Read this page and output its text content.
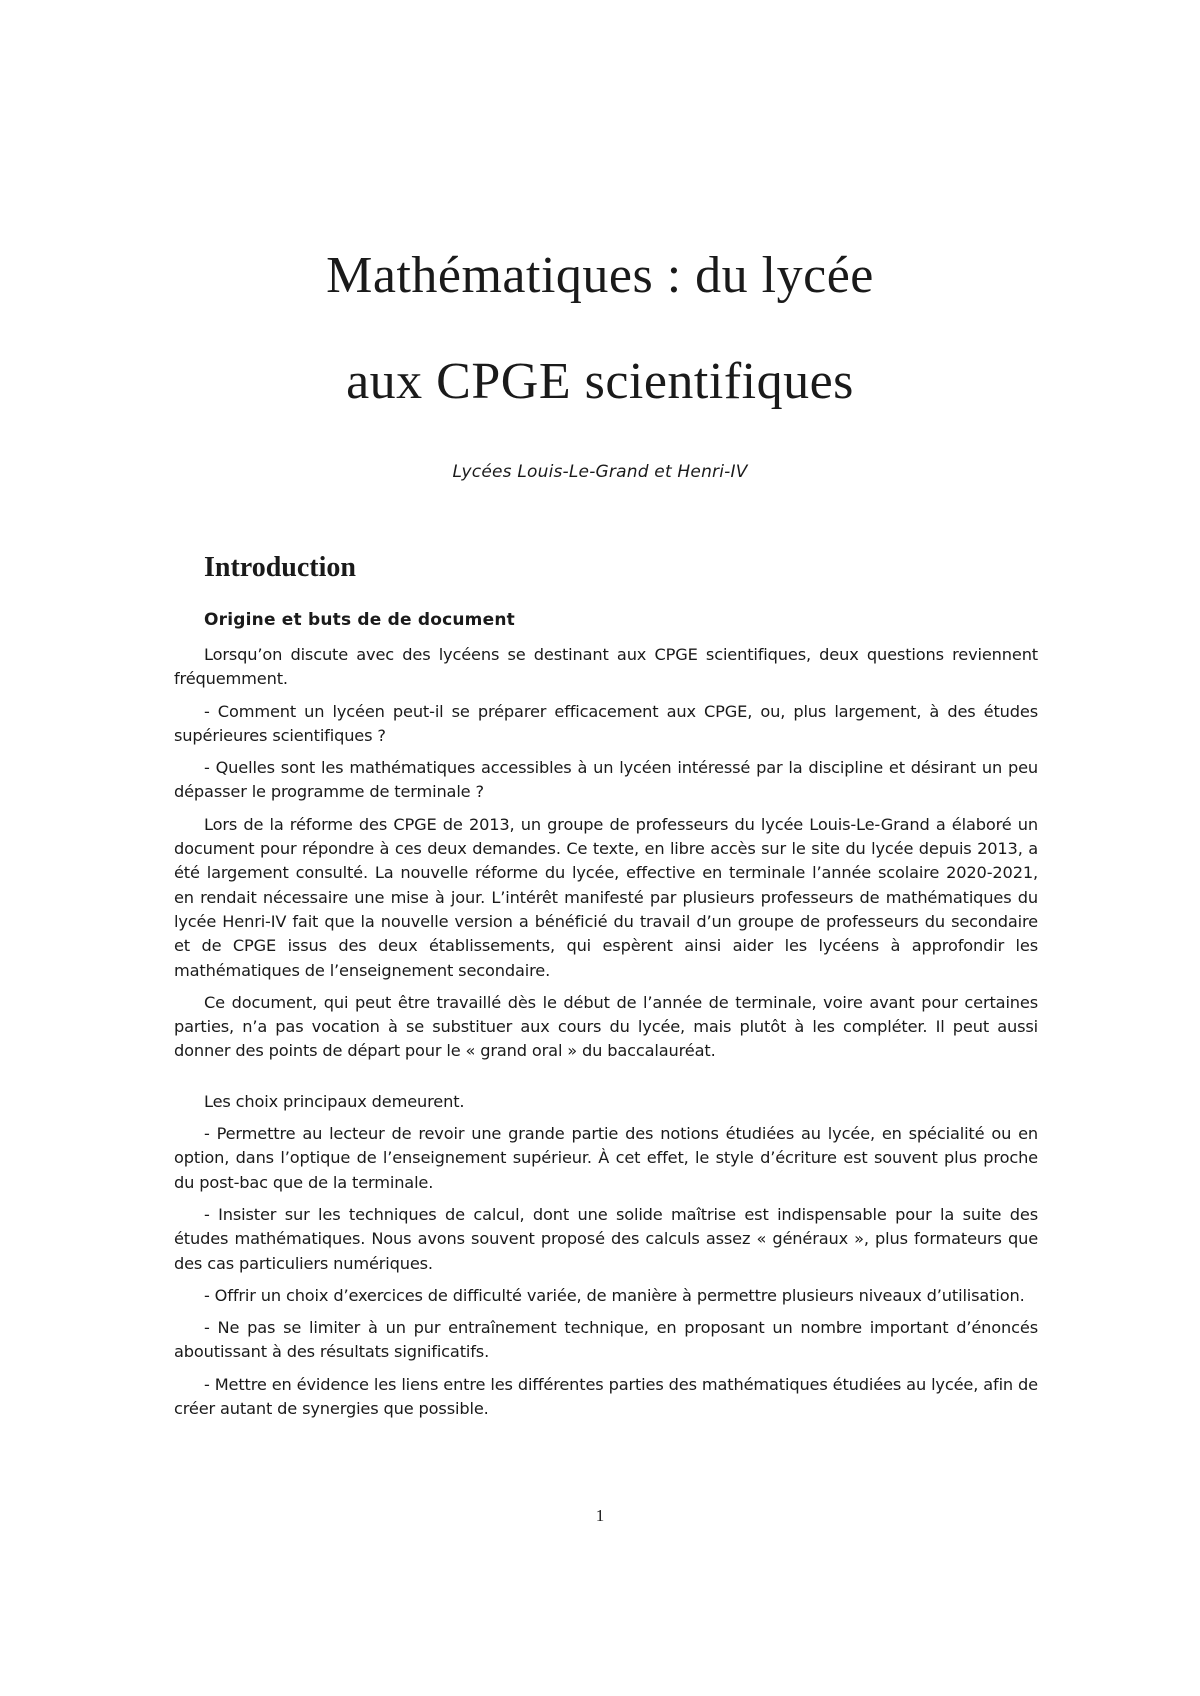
Mathématiques : du lycée
aux CPGE scientifiques
Lycées Louis-Le-Grand et Henri-IV
Introduction
Origine et buts de de document

Lorsqu’on discute avec des lycéens se destinant aux CPGE scientifiques, deux questions reviennent fréquemment.

- Comment un lycéen peut-il se préparer efficacement aux CPGE, ou, plus largement, à des études supérieures scientifiques ?

- Quelles sont les mathématiques accessibles à un lycéen intéressé par la discipline et désirant un peu dépasser le programme de terminale ?

Lors de la réforme des CPGE de 2013, un groupe de professeurs du lycée Louis-Le-Grand a élaboré un document pour répondre à ces deux demandes. Ce texte, en libre accès sur le site du lycée depuis 2013, a été largement consulté. La nouvelle réforme du lycée, effective en terminale l’année scolaire 2020-2021, en rendait nécessaire une mise à jour. L’intérêt manifesté par plusieurs professeurs de mathématiques du lycée Henri-IV fait que la nouvelle version a bénéficié du travail d’un groupe de professeurs du secondaire et de CPGE issus des deux établissements, qui espèrent ainsi aider les lycéens à approfondir les mathématiques de l’enseignement secondaire.

Ce document, qui peut être travaillé dès le début de l’année de terminale, voire avant pour certaines parties, n’a pas vocation à se substituer aux cours du lycée, mais plutôt à les compléter. Il peut aussi donner des points de départ pour le « grand oral » du baccalauréat.

Les choix principaux demeurent.

- Permettre au lecteur de revoir une grande partie des notions étudiées au lycée, en spécialité ou en option, dans l’optique de l’enseignement supérieur. À cet effet, le style d’écriture est souvent plus proche du post-bac que de la terminale.

- Insister sur les techniques de calcul, dont une solide maîtrise est indispensable pour la suite des études mathématiques. Nous avons souvent proposé des calculs assez « généraux », plus formateurs que des cas particuliers numériques.

- Offrir un choix d’exercices de difficulté variée, de manière à permettre plusieurs niveaux d’utilisation.

- Ne pas se limiter à un pur entraînement technique, en proposant un nombre important d’énoncés aboutissant à des résultats significatifs.

- Mettre en évidence les liens entre les différentes parties des mathématiques étudiées au lycée, afin de créer autant de synergies que possible.

1
